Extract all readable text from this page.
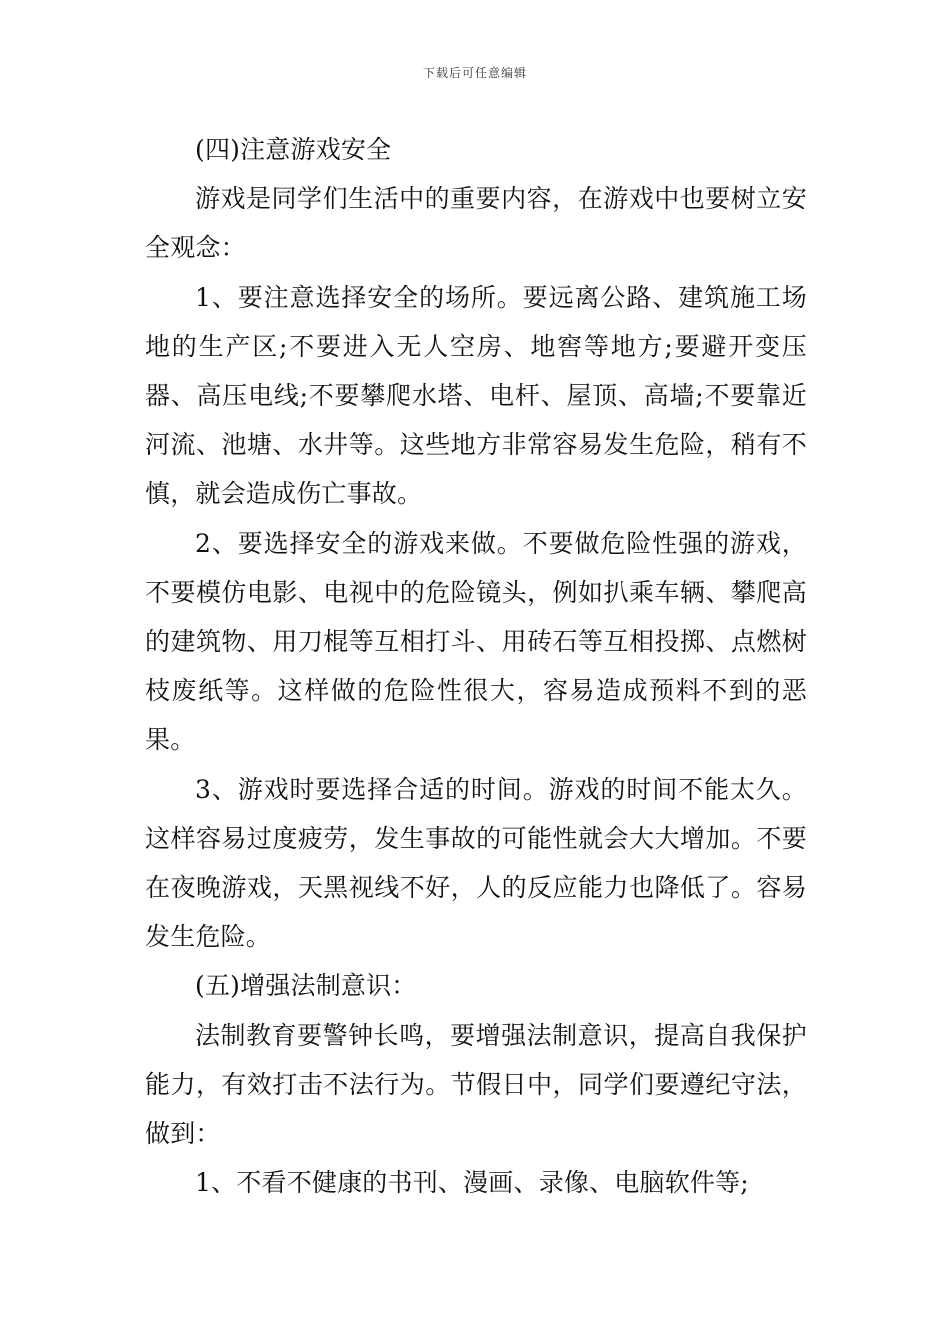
下载后可任意编辑

(四)注意游戏安全

游戏是同学们生活中的重要内容，在游戏中也要树立安全观念：

1、要注意选择安全的场所。要远离公路、建筑施工场地的生产区;不要进入无人空房、地窖等地方;要避开变压器、高压电线;不要攀爬水塔、电杆、屋顶、高墙;不要靠近河流、池塘、水井等。这些地方非常容易发生危险，稍有不慎，就会造成伤亡事故。

2、要选择安全的游戏来做。不要做危险性强的游戏，不要模仿电影、电视中的危险镜头，例如扒乘车辆、攀爬高的建筑物、用刀棍等互相打斗、用砖石等互相投掷、点燃树枝废纸等。这样做的危险性很大，容易造成预料不到的恶果。

3、游戏时要选择合适的时间。游戏的时间不能太久。这样容易过度疲劳，发生事故的可能性就会大大增加。不要在夜晚游戏，天黑视线不好，人的反应能力也降低了。容易发生危险。

(五)增强法制意识：

法制教育要警钟长鸣，要增强法制意识，提高自我保护能力，有效打击不法行为。节假日中，同学们要遵纪守法，做到：

1、不看不健康的书刊、漫画、录像、电脑软件等;
